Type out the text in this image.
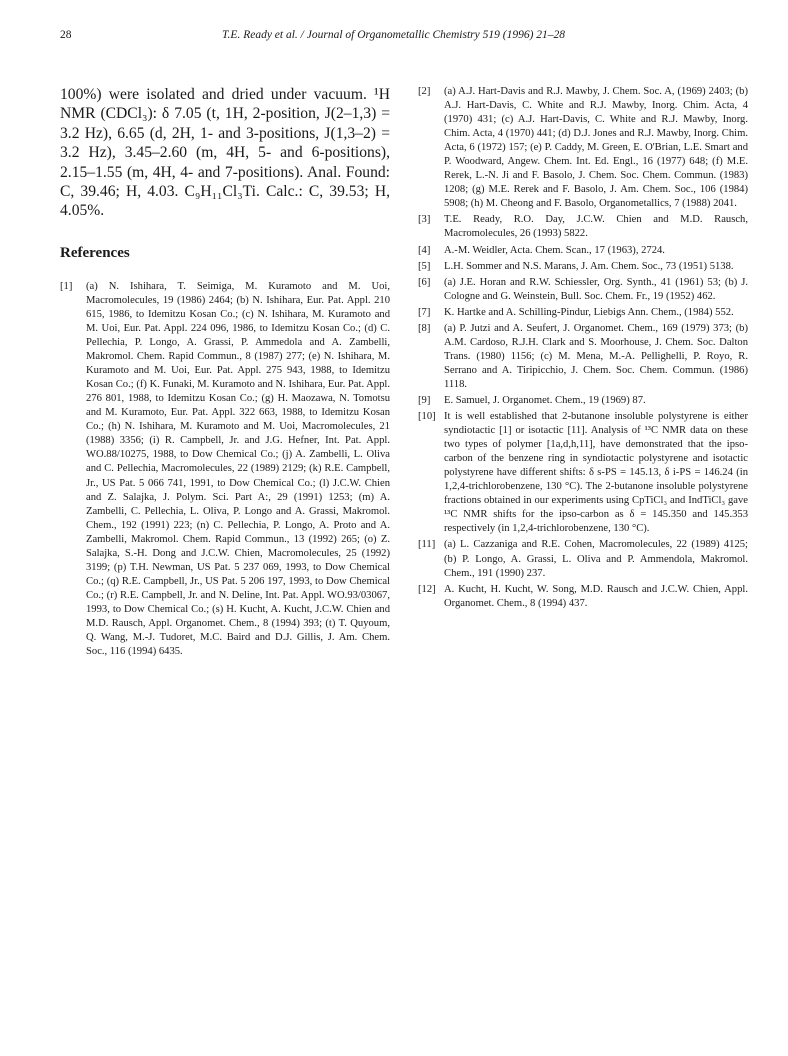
28	T.E. Ready et al. / Journal of Organometallic Chemistry 519 (1996) 21–28

100%) were isolated and dried under vacuum. ¹H NMR (CDCl₃): δ 7.05 (t, 1H, 2-position, J(2–1,3) = 3.2 Hz), 6.65 (d, 2H, 1- and 3-positions, J(1,3–2) = 3.2 Hz), 3.45–2.60 (m, 4H, 5- and 6-positions), 2.15–1.55 (m, 4H, 4- and 7-positions). Anal. Found: C, 39.46; H, 4.03. C₉H₁₁Cl₃Ti. Calc.: C, 39.53; H, 4.05%.

References
[1]	(a) N. Ishihara, T. Seimiga, M. Kuramoto and M. Uoi, Macromolecules, 19 (1986) 2464; (b) N. Ishihara, Eur. Pat. Appl. 210 615, 1986, to Idemitzu Kosan Co.; (c) N. Ishihara, M. Kuramoto and M. Uoi, Eur. Pat. Appl. 224 096, 1986, to Idemitzu Kosan Co.; (d) C. Pellechia, P. Longo, A. Grassi, P. Ammedola and A. Zambelli, Makromol. Chem. Rapid Commun., 8 (1987) 277; (e) N. Ishihara, M. Kuramoto and M. Uoi, Eur. Pat. Appl. 275 943, 1988, to Idemitzu Kosan Co.; (f) K. Funaki, M. Kuramoto and N. Ishihara, Eur. Pat. Appl. 276 801, 1988, to Idemitzu Kosan Co.; (g) H. Maozawa, N. Tomotsu and M. Kuramoto, Eur. Pat. Appl. 322 663, 1988, to Idemitzu Kosan Co.; (h) N. Ishihara, M. Kuramoto and M. Uoi, Macromolecules, 21 (1988) 3356; (i) R. Campbell, Jr. and J.G. Hefner, Int. Pat. Appl. WO.88/10275, 1988, to Dow Chemical Co.; (j) A. Zambelli, L. Oliva and C. Pellechia, Macromolecules, 22 (1989) 2129; (k) R.E. Campbell, Jr., US Pat. 5 066 741, 1991, to Dow Chemical Co.; (l) J.C.W. Chien and Z. Salajka, J. Polym. Sci. Part A:, 29 (1991) 1253; (m) A. Zambelli, C. Pellechia, L. Oliva, P. Longo and A. Grassi, Makromol. Chem., 192 (1991) 223; (n) C. Pellechia, P. Longo, A. Proto and A. Zambelli, Makromol. Chem. Rapid Commun., 13 (1992) 265; (o) Z. Salajka, S.-H. Dong and J.C.W. Chien, Macromolecules, 25 (1992) 3199; (p) T.H. Newman, US Pat. 5 237 069, 1993, to Dow Chemical Co.; (q) R.E. Campbell, Jr., US Pat. 5 206 197, 1993, to Dow Chemical Co.; (r) R.E. Campbell, Jr. and N. Deline, Int. Pat. Appl. WO.93/03067, 1993, to Dow Chemical Co.; (s) H. Kucht, A. Kucht, J.C.W. Chien and M.D. Rausch, Appl. Organomet. Chem., 8 (1994) 393; (t) T. Quyoum, Q. Wang, M.-J. Tudoret, M.C. Baird and D.J. Gillis, J. Am. Chem. Soc., 116 (1994) 6435.
[2]	(a) A.J. Hart-Davis and R.J. Mawby, J. Chem. Soc. A, (1969) 2403; (b) A.J. Hart-Davis, C. White and R.J. Mawby, Inorg. Chim. Acta, 4 (1970) 431; (c) A.J. Hart-Davis, C. White and R.J. Mawby, Inorg. Chim. Acta, 4 (1970) 441; (d) D.J. Jones and R.J. Mawby, Inorg. Chim. Acta, 6 (1972) 157; (e) P. Caddy, M. Green, E. O'Brian, L.E. Smart and P. Woodward, Angew. Chem. Int. Ed. Engl., 16 (1977) 648; (f) M.E. Rerek, L.-N. Ji and F. Basolo, J. Chem. Soc. Chem. Commun. (1983) 1208; (g) M.E. Rerek and F. Basolo, J. Am. Chem. Soc., 106 (1984) 5908; (h) M. Cheong and F. Basolo, Organometallics, 7 (1988) 2041.
[3]	T.E. Ready, R.O. Day, J.C.W. Chien and M.D. Rausch, Macromolecules, 26 (1993) 5822.
[4]	A.-M. Weidler, Acta. Chem. Scan., 17 (1963), 2724.
[5]	L.H. Sommer and N.S. Marans, J. Am. Chem. Soc., 73 (1951) 5138.
[6]	(a) J.E. Horan and R.W. Schiessler, Org. Synth., 41 (1961) 53; (b) J. Cologne and G. Weinstein, Bull. Soc. Chem. Fr., 19 (1952) 462.
[7]	K. Hartke and A. Schilling-Pindur, Liebigs Ann. Chem., (1984) 552.
[8]	(a) P. Jutzi and A. Seufert, J. Organomet. Chem., 169 (1979) 373; (b) A.M. Cardoso, R.J.H. Clark and S. Moorhouse, J. Chem. Soc. Dalton Trans. (1980) 1156; (c) M. Mena, M.-A. Pellighelli, P. Royo, R. Serrano and A. Tiripicchio, J. Chem. Soc. Chem. Commun. (1986) 1118.
[9]	E. Samuel, J. Organomet. Chem., 19 (1969) 87.
[10] It is well established that 2-butanone insoluble polystyrene is either syndiotactic [1] or isotactic [11]. Analysis of ¹³C NMR data on these two types of polymer [1a,d,h,11], have demonstrated that the ipso-carbon of the benzene ring in syndiotactic polystyrene and isotactic polystyrene have different shifts: δ s-PS = 145.13, δ i-PS = 146.24 (in 1,2,4-trichlorobenzene, 130 °C). The 2-butanone insoluble polystyrene fractions obtained in our experiments using CpTiCl₃ and IndTiCl₃ gave ¹³C NMR shifts for the ipso-carbon as δ = 145.350 and 145.353 respectively (in 1,2,4-trichlorobenzene, 130 °C).
[11] (a) L. Cazzaniga and R.E. Cohen, Macromolecules, 22 (1989) 4125; (b) P. Longo, A. Grassi, L. Oliva and P. Ammendola, Makromol. Chem., 191 (1990) 237.
[12] A. Kucht, H. Kucht, W. Song, M.D. Rausch and J.C.W. Chien, Appl. Organomet. Chem., 8 (1994) 437.
